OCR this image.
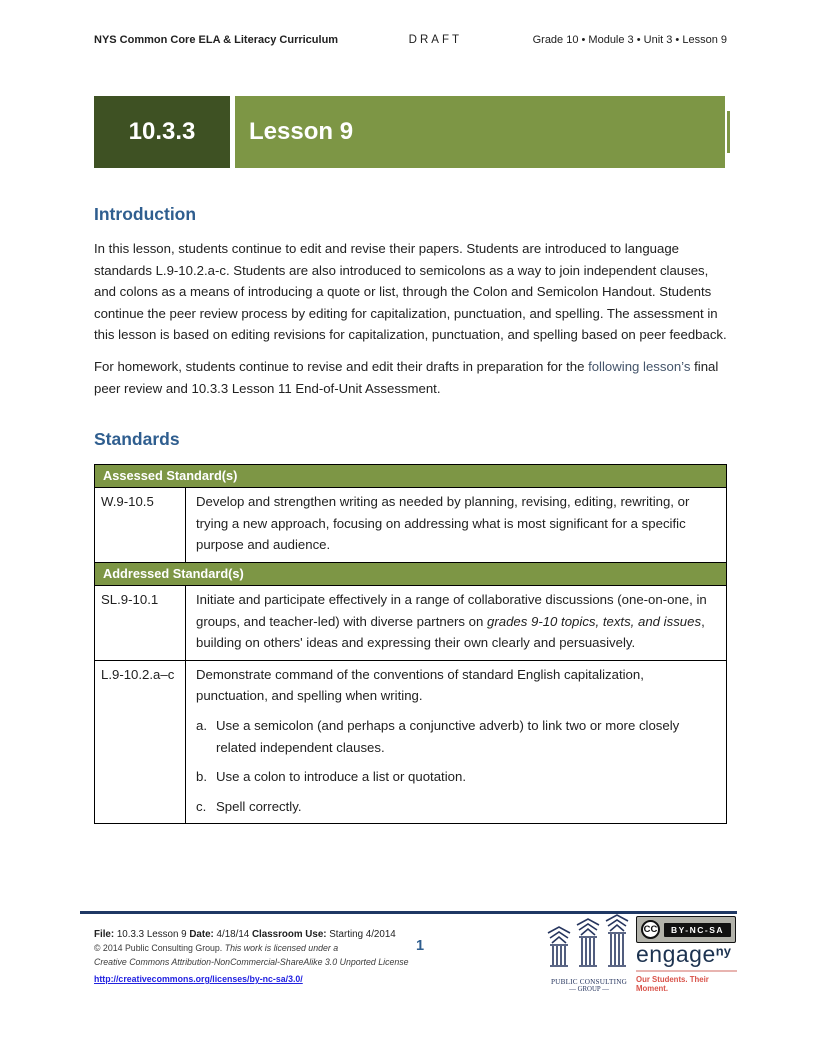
NYS Common Core ELA & Literacy Curriculum	DRAFT	Grade 10 • Module 3 • Unit 3 • Lesson 9
10.3.3	Lesson 9
Introduction

In this lesson, students continue to edit and revise their papers. Students are introduced to language standards L.9-10.2.a-c. Students are also introduced to semicolons as a way to join independent clauses, and colons as a means of introducing a quote or list, through the Colon and Semicolon Handout. Students continue the peer review process by editing for capitalization, punctuation, and spelling. The assessment in this lesson is based on editing revisions for capitalization, punctuation, and spelling based on peer feedback.

For homework, students continue to revise and edit their drafts in preparation for the following lesson’s final peer review and 10.3.3 Lesson 11 End-of-Unit Assessment.

Standards
Assessed Standard(s)	
W.9-10.5	Develop and strengthen writing as needed by planning, revising, editing, rewriting, or trying a new approach, focusing on addressing what is most significant for a specific purpose and audience.
Addressed Standard(s)	
SL.9-10.1	Initiate and participate effectively in a range of collaborative discussions (one-on-one, in groups, and teacher-led) with diverse partners on grades 9-10 topics, texts, and issues, building on others' ideas and expressing their own clearly and persuasively.
L.9-10.2.a–c	Demonstrate command of the conventions of standard English capitalization, punctuation, and spelling when writing.
a. Use a semicolon (and perhaps a conjunctive adverb) to link two or more closely related independent clauses.
b. Use a colon to introduce a list or quotation.
c. Spell correctly.
File: 10.3.3 Lesson 9 Date: 4/18/14 Classroom Use: Starting 4/2014
© 2014 Public Consulting Group. This work is licensed under a
Creative Commons Attribution-NonCommercial-ShareAlike 3.0 Unported License
http://creativecommons.org/licenses/by-nc-sa/3.0/
1
PUBLIC CONSULTING
— GROUP —
CC	BY-NC-SA
engage$^{ny}$
Our Students. Their Moment.
